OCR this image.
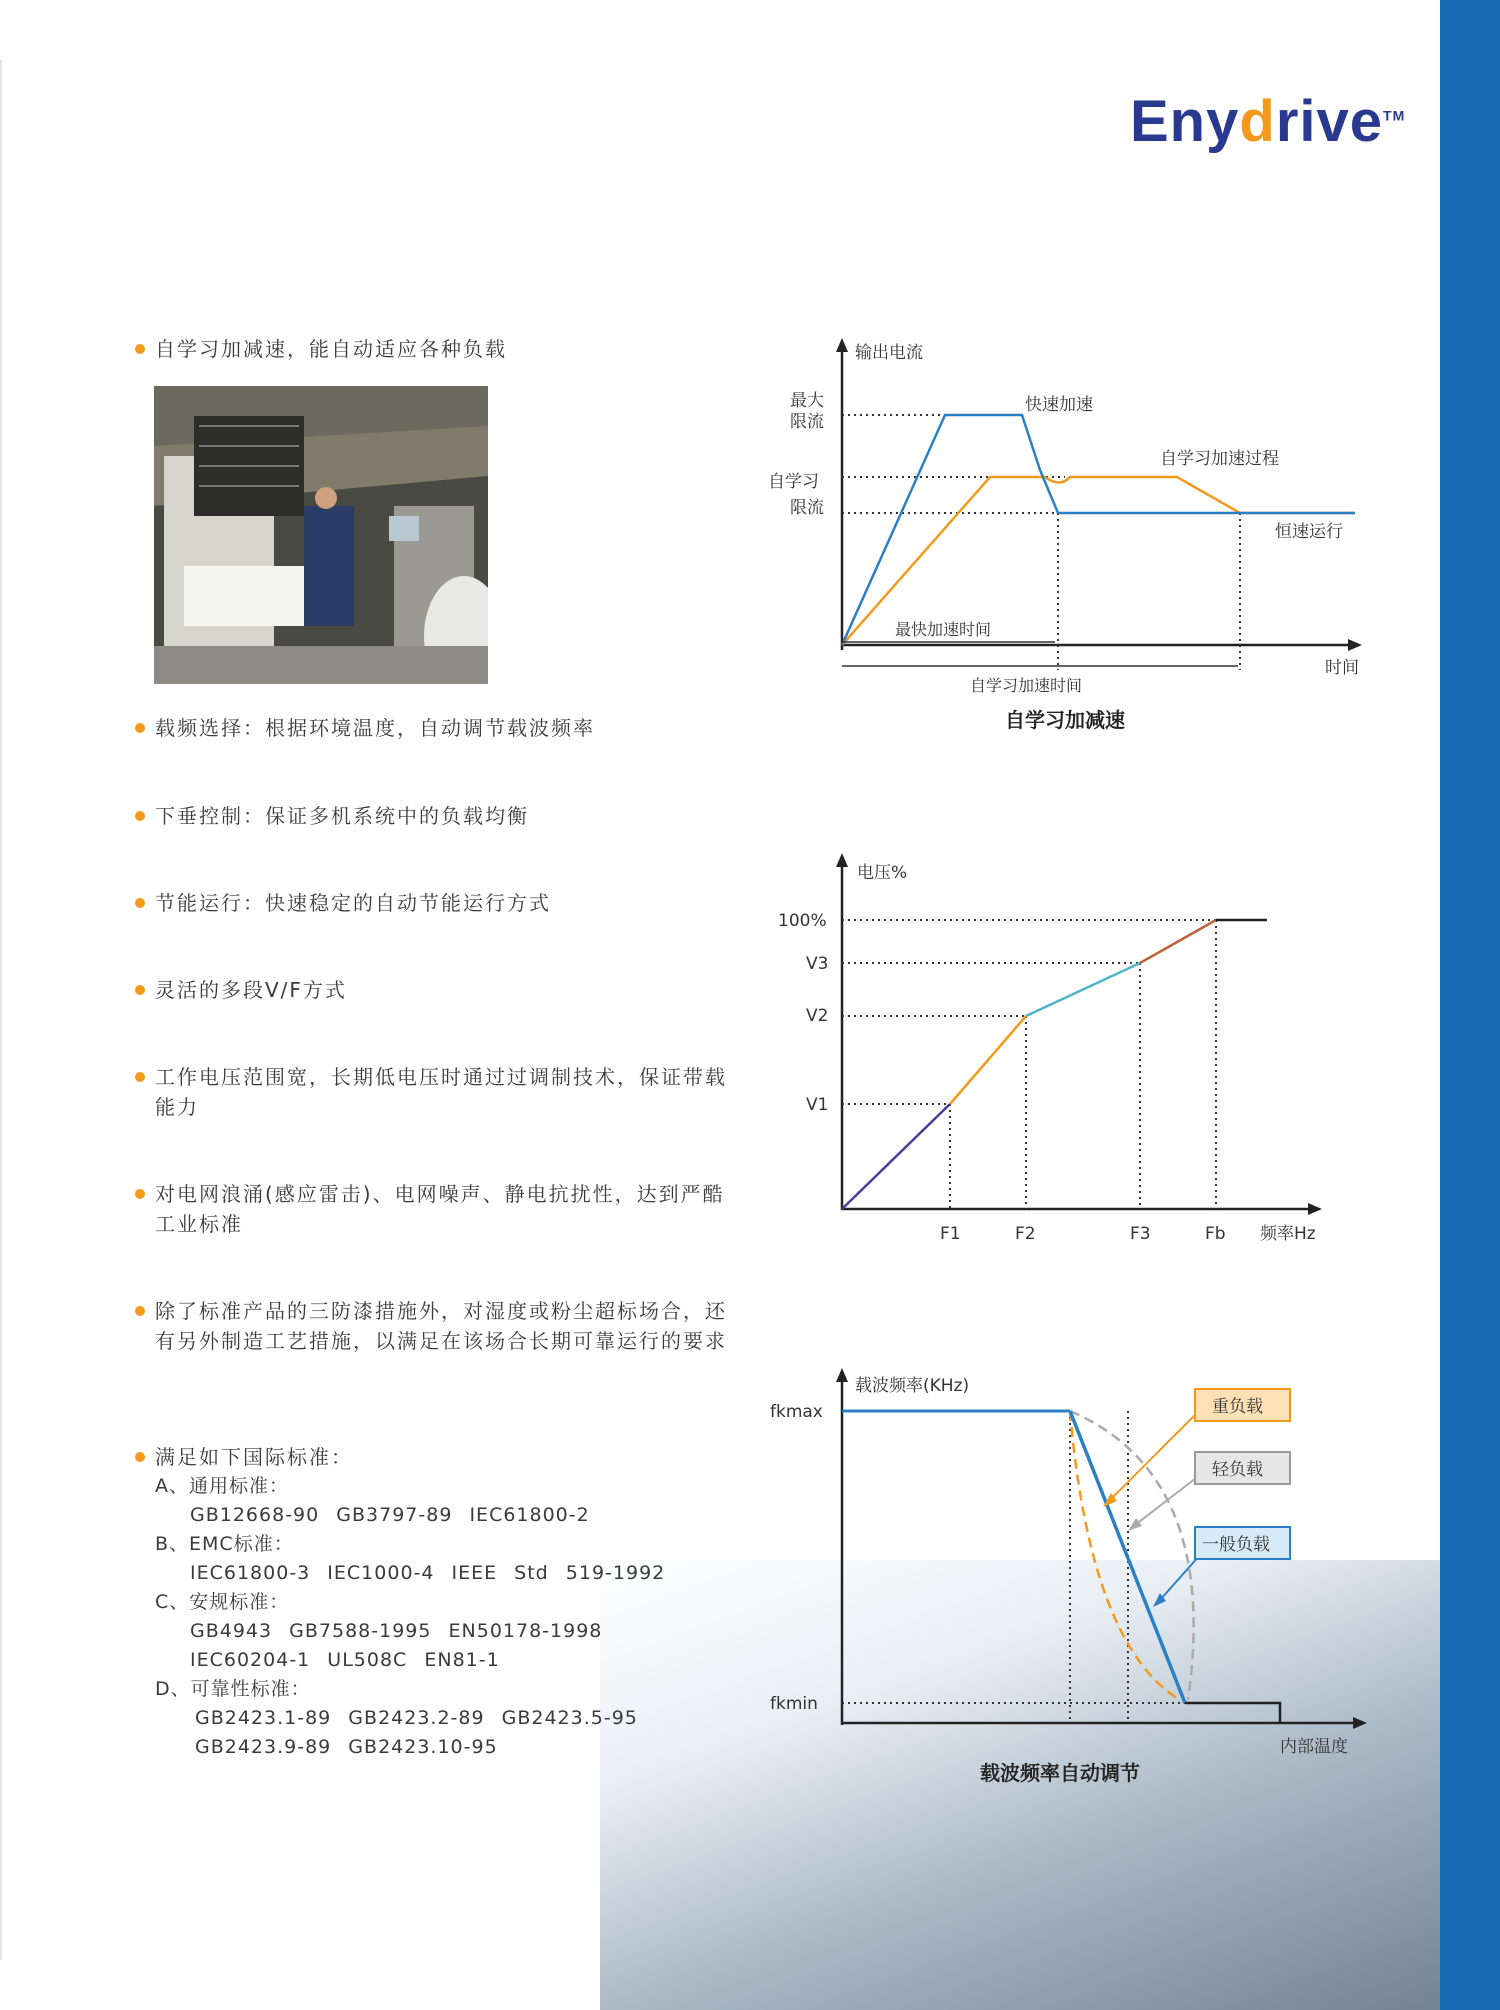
Enydrive™
自学习加减速，能自动适应各种负载
载频选择：根据环境温度，自动调节载波频率
下垂控制：保证多机系统中的负载均衡
节能运行：快速稳定的自动节能运行方式
灵活的多段V/F方式
工作电压范围宽，长期低电压时通过过调制技术，保证带载能力
对电网浪涌(感应雷击)、电网噪声、静电抗扰性，达到严酷工业标准
除了标准产品的三防漆措施外，对湿度或粉尘超标场合，还有另外制造工艺措施，以满足在该场合长期可靠运行的要求
满足如下国际标准：
A、通用标准：
GB12668-90 GB3797-89 IEC61800-2
B、EMC标准：
IEC61800-3 IEC1000-4 IEEE Std 519-1992
C、安规标准：
GB4943 GB7588-1995 EN50178-1998
IEC60204-1 UL508C EN81-1
D、可靠性标准：
GB2423.1-89 GB2423.2-89 GB2423.5-95
GB2423.9-89 GB2423.10-95
输出电流
时间
最大
限流
自学习
限流
快速加速
自学习加速过程
恒速运行
最快加速时间
自学习加速时间
自学习加减速
电压%
频率Hz
100%
V3
V2
V1
F1	F2	F3	Fb
载波频率(KHz)
内部温度
fkmax
fkmin
重负载
轻负载
一般负载
载波频率自动调节
